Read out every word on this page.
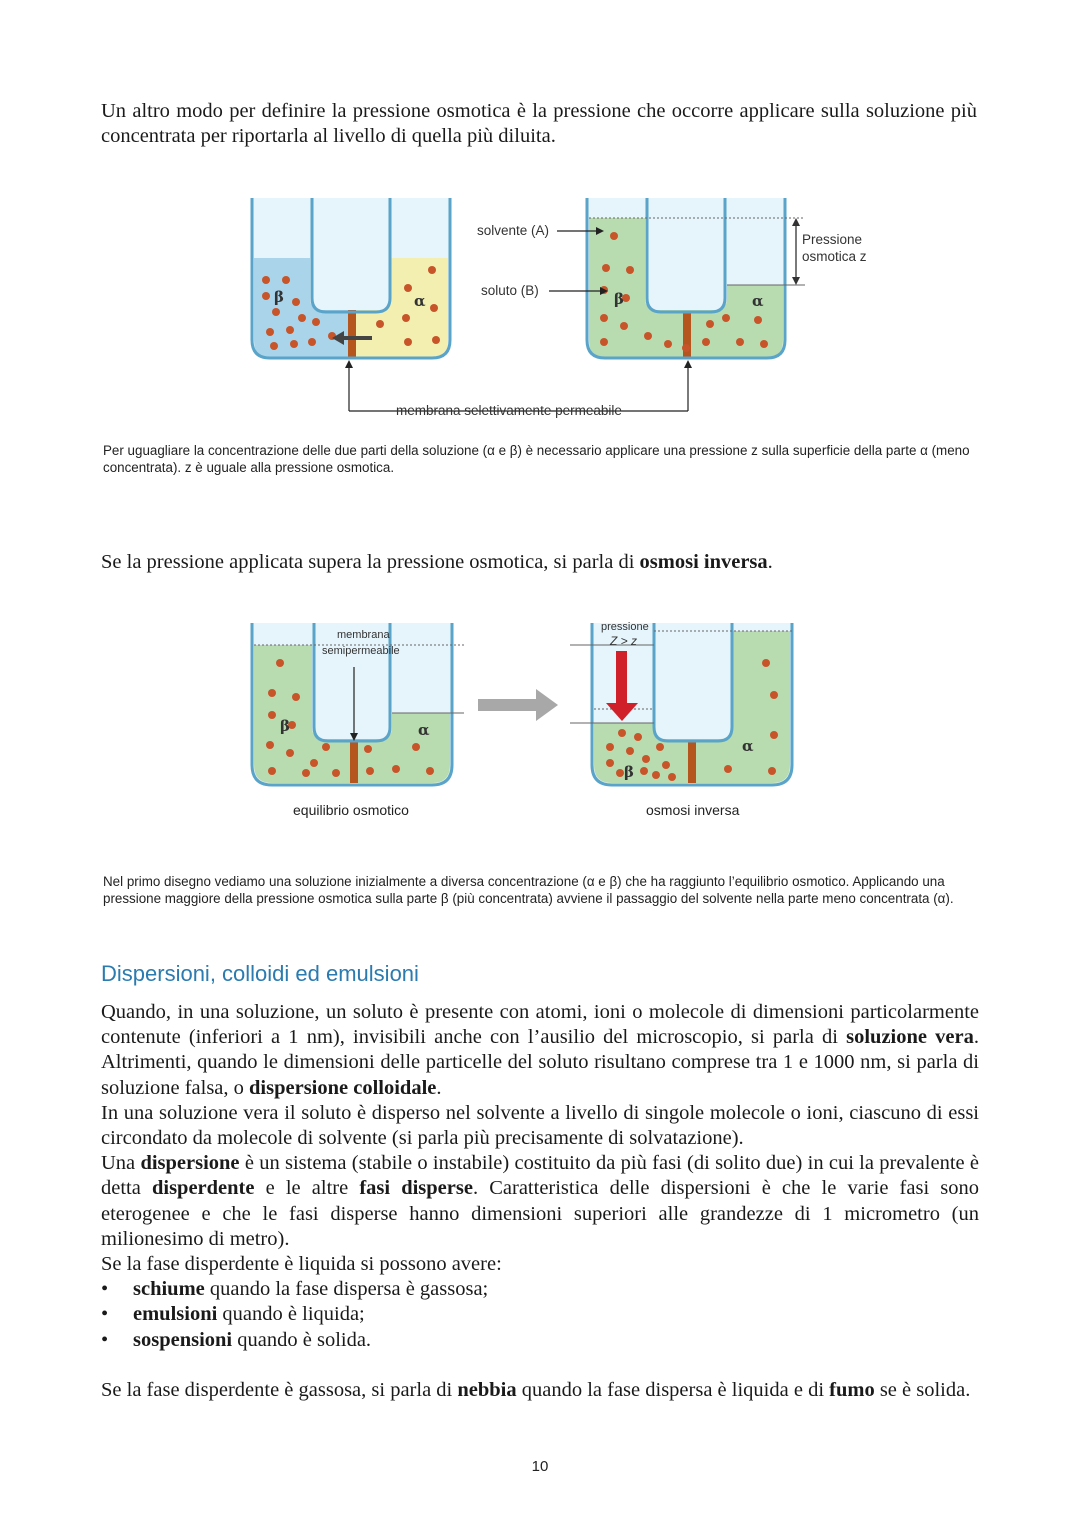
Un altro modo per definire la pressione osmotica è la pressione che occorre applicare sulla soluzione più concentrata per riportarla al livello di quella più diluita.

β	α	β	α
Pressione
osmotica z
solvente (A)
soluto (B)
membrana selettivamente permeabile

Per uguagliare la concentrazione delle due parti della soluzione (α e β) è necessario applicare una pressione z sulla superficie della parte α (meno concentrata). z è uguale alla pressione osmotica.

Se la pressione applicata supera la pressione osmotica, si parla di osmosi inversa.

β	α
membrana
semipermeabile
β
α
pressione
Z > z
equilibrio osmotico	osmosi inversa

Nel primo disegno vediamo una soluzione inizialmente a diversa concentrazione (α e β) che ha raggiunto l’equilibrio osmotico. Applicando una pressione maggiore della pressione osmotica sulla parte β (più concentrata) avviene il passaggio del solvente nella parte meno concentrata (α).

Dispersioni, colloidi ed emulsioni

Quando, in una soluzione, un soluto è presente con atomi, ioni o molecole di dimensioni particolarmente contenute (inferiori a 1 nm), invisibili anche con l’ausilio del microscopio, si parla di soluzione vera. Altrimenti, quando le dimensioni delle particelle del soluto risultano comprese tra 1 e 1000 nm, si parla di soluzione falsa, o dispersione colloidale.

In una soluzione vera il soluto è disperso nel solvente a livello di singole molecole o ioni, ciascuno di essi circondato da molecole di solvente (si parla più precisamente di solvatazione).

Una dispersione è un sistema (stabile o instabile) costituito da più fasi (di solito due) in cui la prevalente è detta disperdente e le altre fasi disperse. Caratteristica delle dispersioni è che le varie fasi sono eterogenee e che le fasi disperse hanno dimensioni superiori alle grandezze di 1 micrometro (un milionesimo di metro).

Se la fase disperdente è liquida si possono avere:

• schiume quando la fase dispersa è gassosa;
• emulsioni quando è liquida;
• sospensioni quando è solida.

Se la fase disperdente è gassosa, si parla di nebbia quando la fase dispersa è liquida e di fumo se è solida.

10
